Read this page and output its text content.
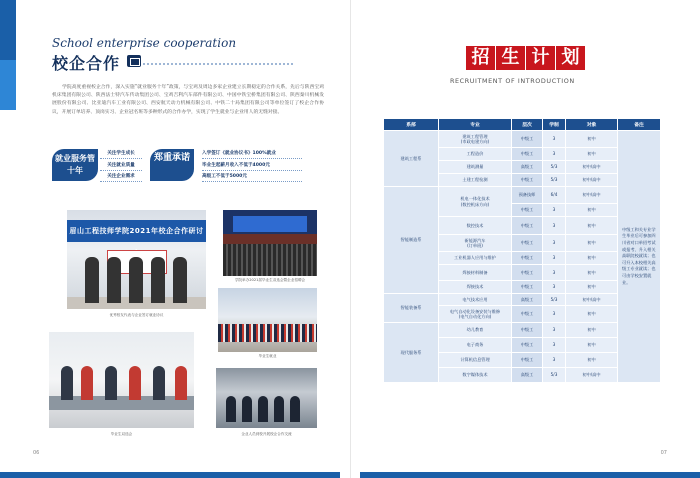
School enterprise cooperation
校企合作
学院高度重视校企合作，深入实施“就业服务十年”政策，与宝鸡及周边多家企业建立长期稳定的合作关系，先后与陕西宝鸡机床集团有限公司、陕西法士特汽车传动集团公司、宝鸡吉利汽车部件有限公司、中国中铁宝桥集团有限公司、陕西秦川机械发展股份有限公司、比亚迪汽车工业有限公司、西安航天动力机械有限公司、中铁二十局集团有限公司等单位签订了校企合作协议，开展订单培养、顶岗实习、企业冠名班等多种形式的合作办学，实现了学生就业与企业用人的无缝对接。
就业服务管十年
关注学生成长
关注就业质量
关注企业需求
郑重承诺	入学签订《就业协议书》100%就业
毕业生起薪月收入不低于4000元
高级工不低于5000元
眉山工程技师学院2021年校企合作研讨
优秀校友代表与企业签订就业协议
学院举办2021届毕业生双选会暨企业招聘会
毕业生就业
毕业生双选会	企业人员到校开展校企合作交流
06
招 生 计 划
RECRUITMENT OF INTRODUCTION
系部	专业	层次	学制	对象	备注
建筑工程系	建筑工程管理
(市政电建方向)	中级工	3	初中	中级工和关专业学生毕业后可参加四川省对口单招考试或报考、升入相关高职院校就读；也可升入本校相关高级工专业就读；也可由学校安置就业。
	工程造价	中级工	3	初中	
	建筑测量	高级工	5/3	初中/高中	
	土建工程检测	中级工	5/3	初中/高中	
智能制造系	机电一体化技术
(数控机床方向)	预备技师	6/4	初中/高中	
		中级工	3	初中	
	数控技术	中级工	3	初中	
	新能源汽车
(订单班)	中级工	3	初中	
	工业机器人应用与维护	中级工	3	初中	
	焊接材料制备	中级工	3	初中	
	焊接技术	中级工	3	初中	
智能装备系	电气技术应用	高级工	5/3	初中/高中	
	电气自动化设备安装与维修
(电气自动化方向)	中级工	3	初中	
现代服务系	幼儿教育	中级工	3	初中	
	电子商务	中级工	3	初中	
	计算机信息管理	中级工	3	初中	
	数字媒体技术	高级工	5/3	初中/高中	
07
